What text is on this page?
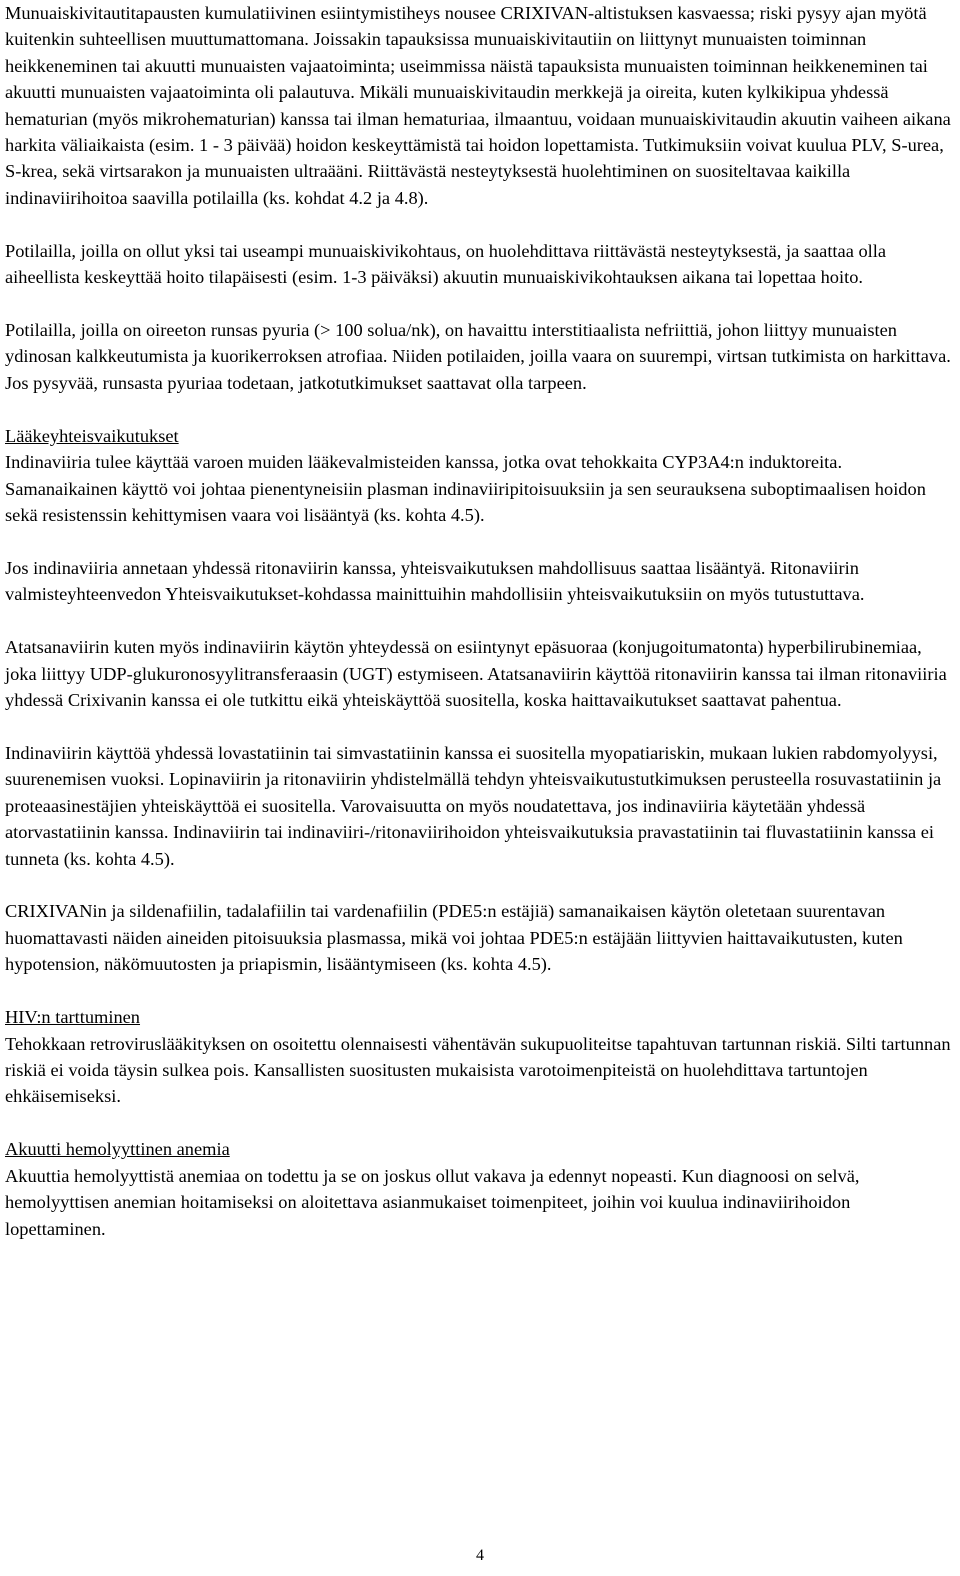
Munuaiskivitautitapausten kumulatiivinen esiintymistiheys nousee CRIXIVAN-altistuksen kasvaessa; riski pysyy ajan myötä kuitenkin suhteellisen muuttumattomana. Joissakin tapauksissa munuaiskivitautiin on liittynyt munuaisten toiminnan heikkeneminen tai akuutti munuaisten vajaatoiminta; useimmissa näistä tapauksista munuaisten toiminnan heikkeneminen tai akuutti munuaisten vajaatoiminta oli palautuva. Mikäli munuaiskivitaudin merkkejä ja oireita, kuten kylkikipua yhdessä hematurian (myös mikrohematurian) kanssa tai ilman hematuriaa, ilmaantuu, voidaan munuaiskivitaudin akuutin vaiheen aikana harkita väliaikaista (esim. 1 - 3 päivää) hoidon keskeyttämistä tai hoidon lopettamista. Tutkimuksiin voivat kuulua PLV, S-urea, S-krea, sekä virtsarakon ja munuaisten ultraääni. Riittävästä nesteytyksestä huolehtiminen on suositeltavaa kaikilla indinaviirihoitoa saavilla potilailla (ks. kohdat 4.2 ja 4.8).

Potilailla, joilla on ollut yksi tai useampi munuaiskivikohtaus, on huolehdittava riittävästä nesteytyksestä, ja saattaa olla aiheellista keskeyttää hoito tilapäisesti (esim. 1-3 päiväksi) akuutin munuaiskivikohtauksen aikana tai lopettaa hoito.

Potilailla, joilla on oireeton runsas pyuria (> 100 solua/nk), on havaittu interstitiaalista nefriittiä, johon liittyy munuaisten ydinosan kalkkeutumista ja kuorikerroksen atrofiaa. Niiden potilaiden, joilla vaara on suurempi, virtsan tutkimista on harkittava. Jos pysyvää, runsasta pyuriaa todetaan, jatkotutkimukset saattavat olla tarpeen.

Lääkeyhteisvaikutukset

Indinaviiria tulee käyttää varoen muiden lääkevalmisteiden kanssa, jotka ovat tehokkaita CYP3A4:n induktoreita. Samanaikainen käyttö voi johtaa pienentyneisiin plasman indinaviiripitoisuuksiin ja sen seurauksena suboptimaalisen hoidon sekä resistenssin kehittymisen vaara voi lisääntyä (ks. kohta 4.5).

Jos indinaviiria annetaan yhdessä ritonaviirin kanssa, yhteisvaikutuksen mahdollisuus saattaa lisääntyä. Ritonaviirin valmisteyhteenvedon Yhteisvaikutukset-kohdassa mainittuihin mahdollisiin yhteisvaikutuksiin on myös tutustuttava.

Atatsanaviirin kuten myös indinaviirin käytön yhteydessä on esiintynyt epäsuoraa (konjugoitumatonta) hyperbilirubinemiaa, joka liittyy UDP-glukuronosyylitransferaasin (UGT) estymiseen. Atatsanaviirin käyttöä ritonaviirin kanssa tai ilman ritonaviiria yhdessä Crixivanin kanssa ei ole tutkittu eikä yhteiskäyttöä suositella, koska haittavaikutukset saattavat pahentua.

Indinaviirin käyttöä yhdessä lovastatiinin tai simvastatiinin kanssa ei suositella myopatiariskin, mukaan lukien rabdomyolyysi, suurenemisen vuoksi. Lopinaviirin ja ritonaviirin yhdistelmällä tehdyn yhteisvaikutustutkimuksen perusteella rosuvastatiinin ja proteaasinestäjien yhteiskäyttöä ei suositella. Varovaisuutta on myös noudatettava, jos indinaviiria käytetään yhdessä atorvastatiinin kanssa. Indinaviirin tai indinaviiri-/ritonaviirihoidon yhteisvaikutuksia pravastatiinin tai fluvastatiinin kanssa ei tunneta (ks. kohta 4.5).

CRIXIVANin ja sildenafiilin, tadalafiilin tai vardenafiilin (PDE5:n estäjiä) samanaikaisen käytön oletetaan suurentavan huomattavasti näiden aineiden pitoisuuksia plasmassa, mikä voi johtaa PDE5:n estäjään liittyvien haittavaikutusten, kuten hypotension, näkömuutosten ja priapismin, lisääntymiseen (ks. kohta 4.5).

HIV:n tarttuminen

Tehokkaan retroviruslääkityksen on osoitettu olennaisesti vähentävän sukupuoliteitse tapahtuvan tartunnan riskiä. Silti tartunnan riskiä ei voida täysin sulkea pois. Kansallisten suositusten mukaisista varotoimenpiteistä on huolehdittava tartuntojen ehkäisemiseksi.

Akuutti hemolyyttinen anemia

Akuuttia hemolyyttistä anemiaa on todettu ja se on joskus ollut vakava ja edennyt nopeasti. Kun diagnoosi on selvä, hemolyyttisen anemian hoitamiseksi on aloitettava asianmukaiset toimenpiteet, joihin voi kuulua indinaviirihoidon lopettaminen.

4
